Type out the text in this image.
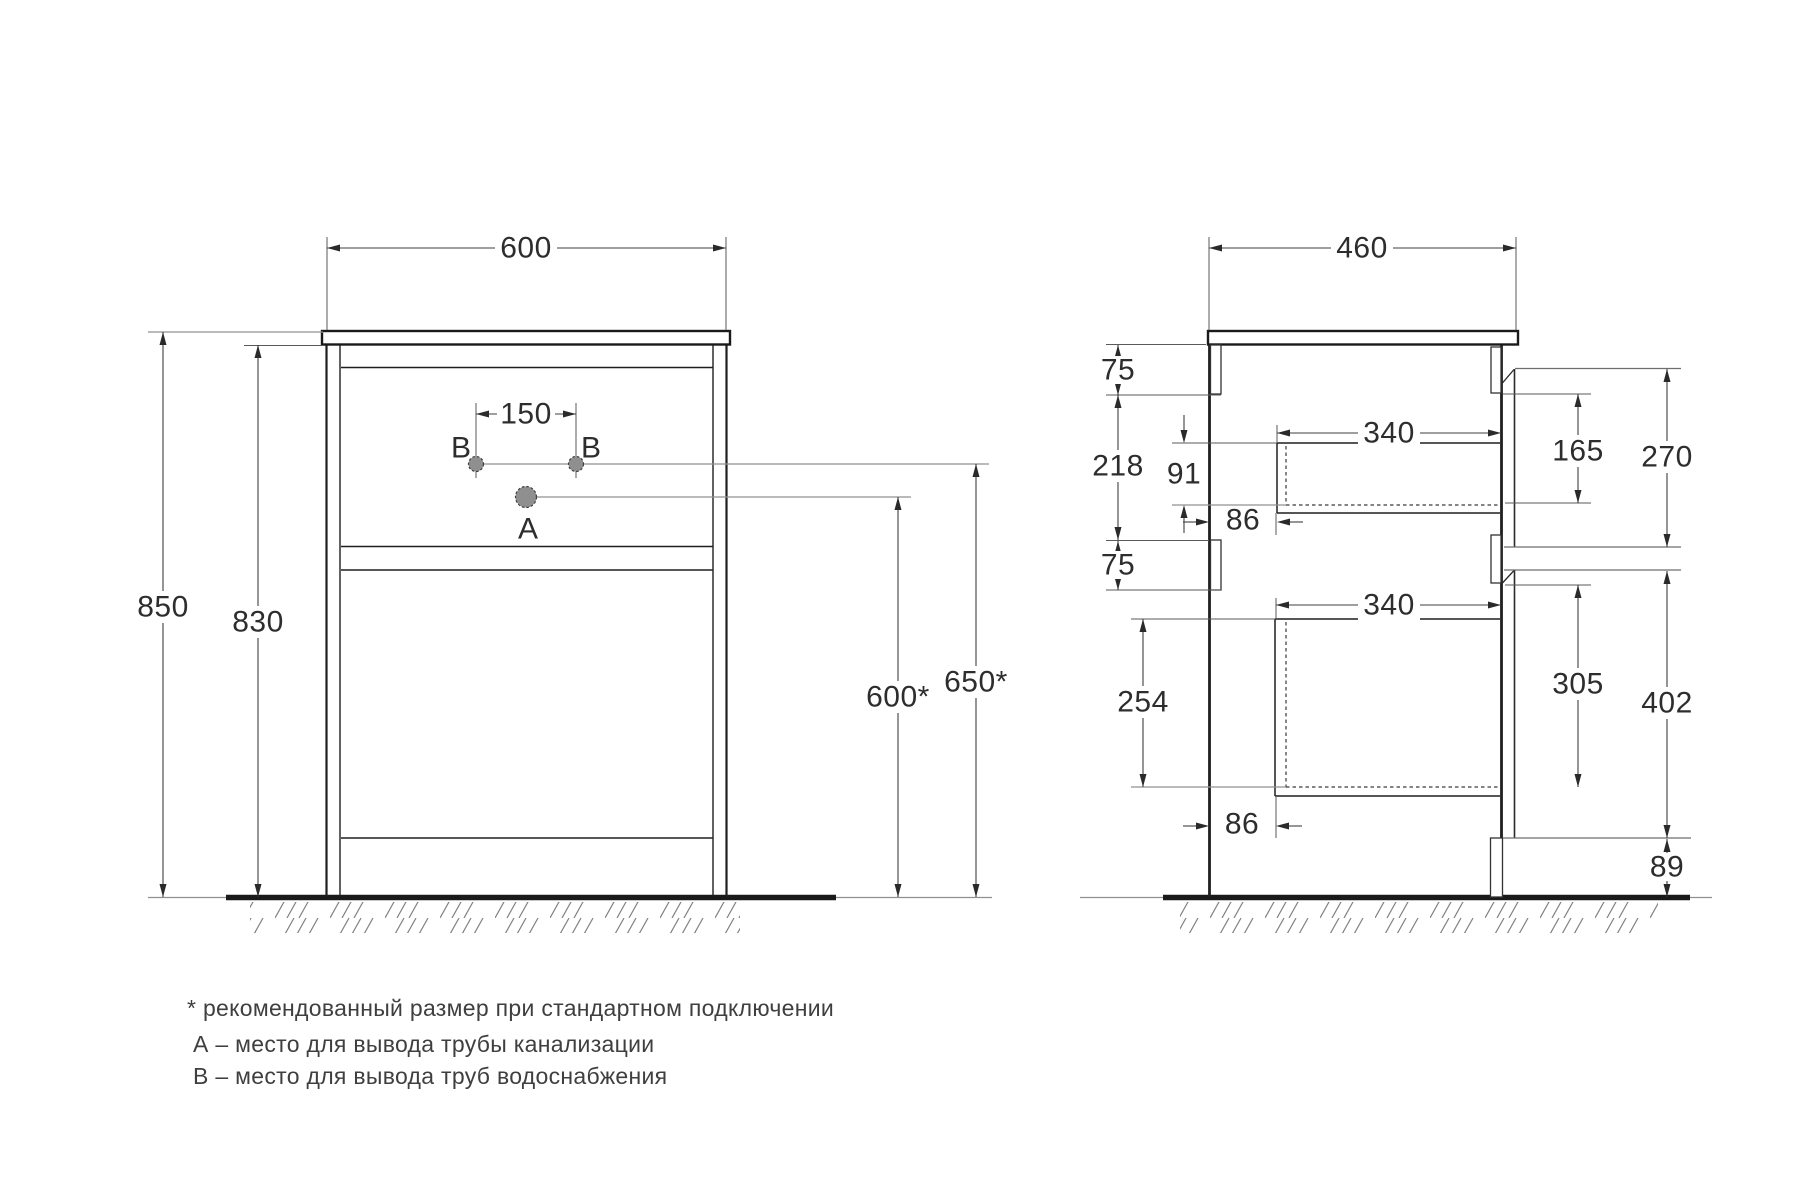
600
850 830
150
B	B
A
600* 650*
460
75
218
75
91
86
340
340
254
86
165 270
305
402
89
* рекомендованный размер при стандартном подключении
А – место для вывода трубы канализации
В – место для вывода труб водоснабжения
